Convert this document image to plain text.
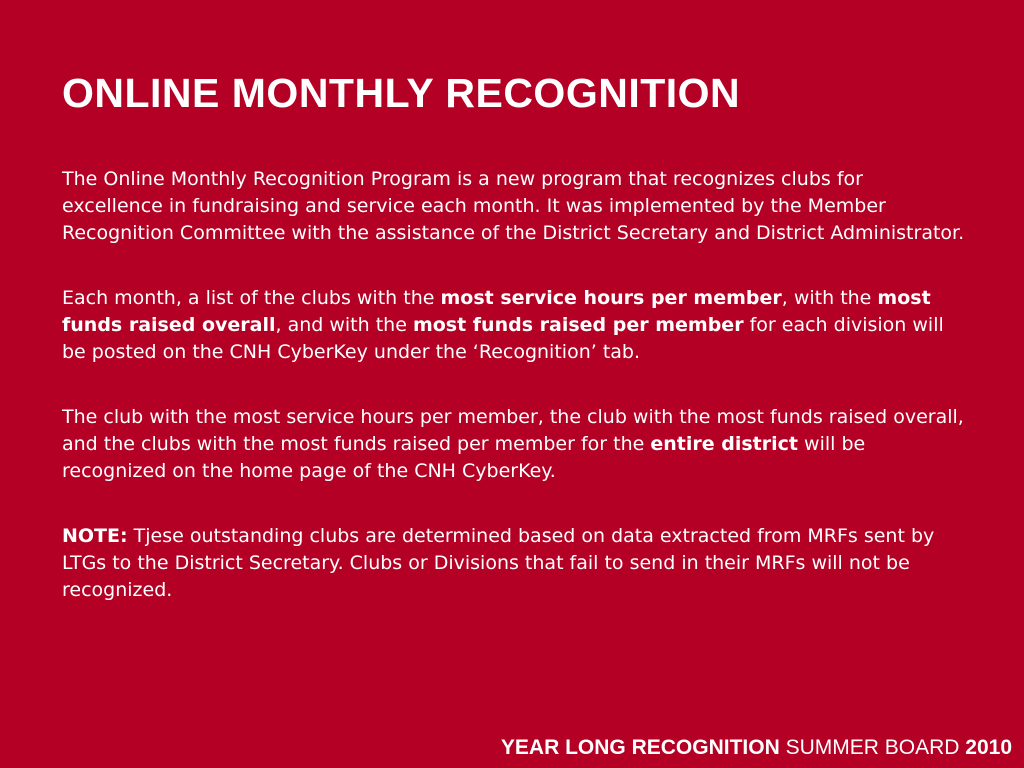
ONLINE MONTHLY RECOGNITION

The Online Monthly Recognition Program is a new program that recognizes clubs for excellence in fundraising and service each month. It was implemented by the Member Recognition Committee with the assistance of the District Secretary and District Administrator.

Each month, a list of the clubs with the most service hours per member, with the most funds raised overall, and with the most funds raised per member for each division will be posted on the CNH CyberKey under the ‘Recognition’ tab.

The club with the most service hours per member, the club with the most funds raised overall, and the clubs with the most funds raised per member for the entire district will be recognized on the home page of the CNH CyberKey.

NOTE: Tjese outstanding clubs are determined based on data extracted from MRFs sent by LTGs to the District Secretary. Clubs or Divisions that fail to send in their MRFs will not be recognized.

YEAR LONG RECOGNITION SUMMER BOARD 2010
